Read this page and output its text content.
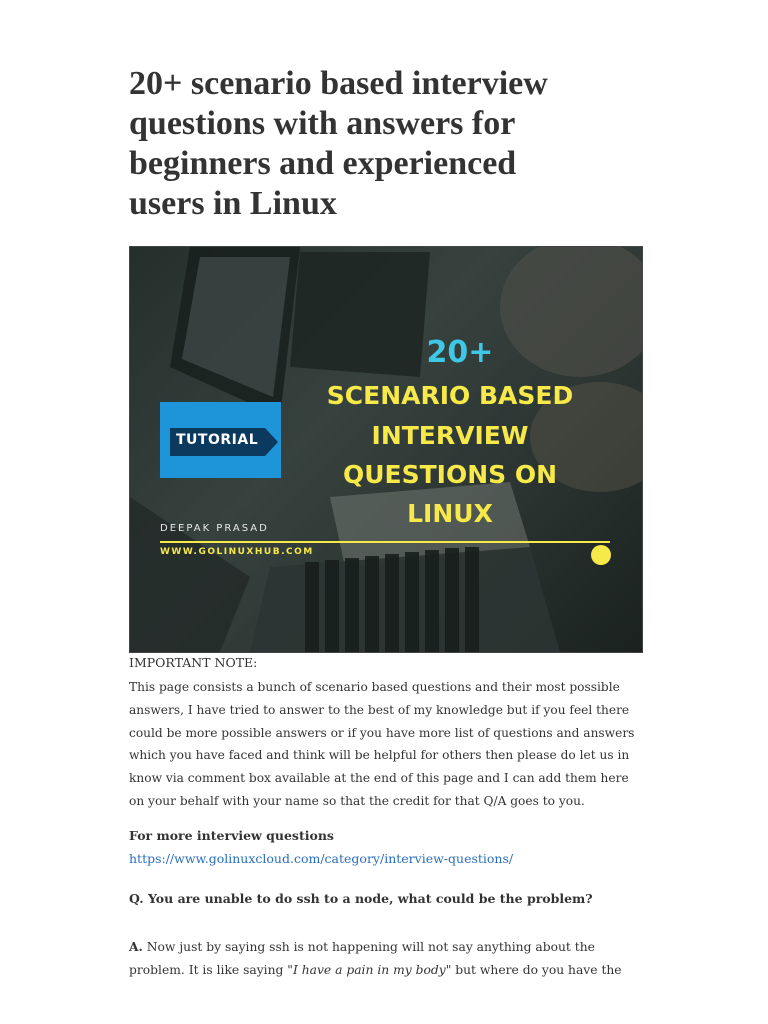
20+ scenario based interview
questions with answers for
beginners and experienced
users in Linux
20+
SCENARIO BASED
INTERVIEW
QUESTIONS ON
LINUX
TUTORIAL
DEEPAK PRASAD
WWW.GOLINUXHUB.COM
IMPORTANT NOTE:
This page consists a bunch of scenario based questions and their most possible
answers, I have tried to answer to the best of my knowledge but if you feel there
could be more possible answers or if you have more list of questions and answers
which you have faced and think will be helpful for others then please do let us in
know via comment box available at the end of this page and I can add them here
on your behalf with your name so that the credit for that Q/A goes to you.
For more interview questions
https://www.golinuxcloud.com/category/interview-questions/
Q. You are unable to do ssh to a node, what could be the problem?
A. Now just by saying ssh is not happening will not say anything about the
problem. It is like saying "I have a pain in my body" but where do you have the
